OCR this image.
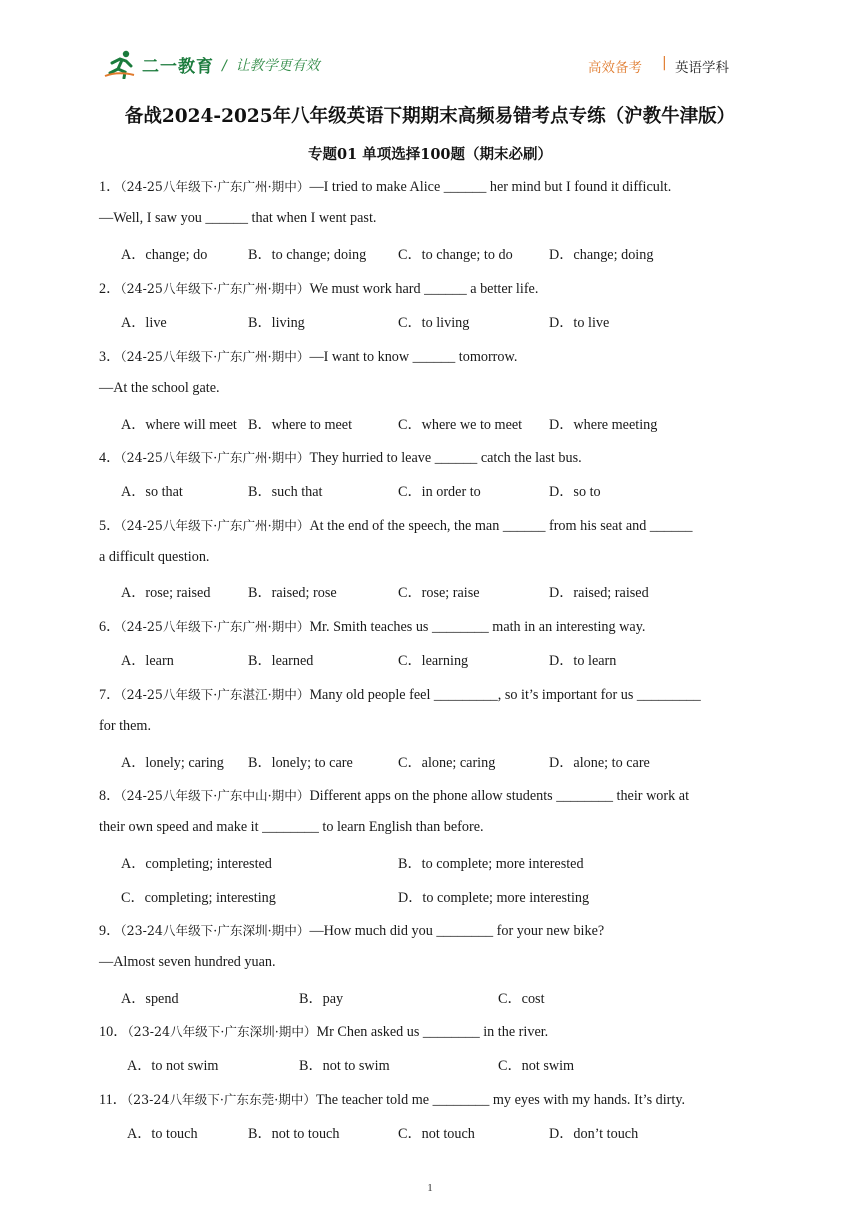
二一教育 /  让教学更有效	高效备考 | 英语学科
备战2024-2025年八年级英语下期期末高频易错考点专练（沪教牛津版）
专题01 单项选择100题（期末必刷）
1．（24-25八年级下·广东广州·期中）—I tried to make Alice ______ her mind but I found it difficult.
—Well, I saw you ______ that when I went past.
A．change; do	B．to change; doing C．to change; to do	D．change; doing
2．（24-25八年级下·广东广州·期中）We must work hard ______ a better life.
A．live	B．living	C．to living	D．to live
3．（24-25八年级下·广东广州·期中）—I want to know ______ tomorrow.
—At the school gate.
A．where will meet B．where to meet	C．where we to meet D．where meeting
4．（24-25八年级下·广东广州·期中）They hurried to leave ______ catch the last bus.
A．so that	B．such that	C．in order to	D．so to
5．（24-25八年级下·广东广州·期中）At the end of the speech, the man ______ from his seat and ______
a difficult question.
A．rose; raised	B．raised; rose	C．rose; raise	D．raised; raised
6．（24-25八年级下·广东广州·期中）Mr. Smith teaches us ________ math in an interesting way.
A．learn	B．learned	C．learning	D．to learn
7．（24-25八年级下·广东湛江·期中）Many old people feel _________, so it’s important for us _________
for them.
A．lonely; caring B．lonely; to care	C．alone; caring	D．alone; to care
8．（24-25八年级下·广东中山·期中）Different apps on the phone allow students ________ their work at
their own speed and make it ________ to learn English than before.
A．completing; interested	B．to complete; more interested
C．completing; interesting	D．to complete; more interesting
9．（23-24八年级下·广东深圳·期中）—How much did you ________ for your new bike?
—Almost seven hundred yuan.
A．spend	B．pay	C．cost
10．（23-24八年级下·广东深圳·期中）Mr Chen asked us ________ in the river.
A．to not swim	B．not to swim	C．not swim
11．（23-24八年级下·广东东莞·期中）The teacher told me ________ my eyes with my hands. It’s dirty.
A．to touch	B．not to touch	C．not touch	D．don’t touch
1
